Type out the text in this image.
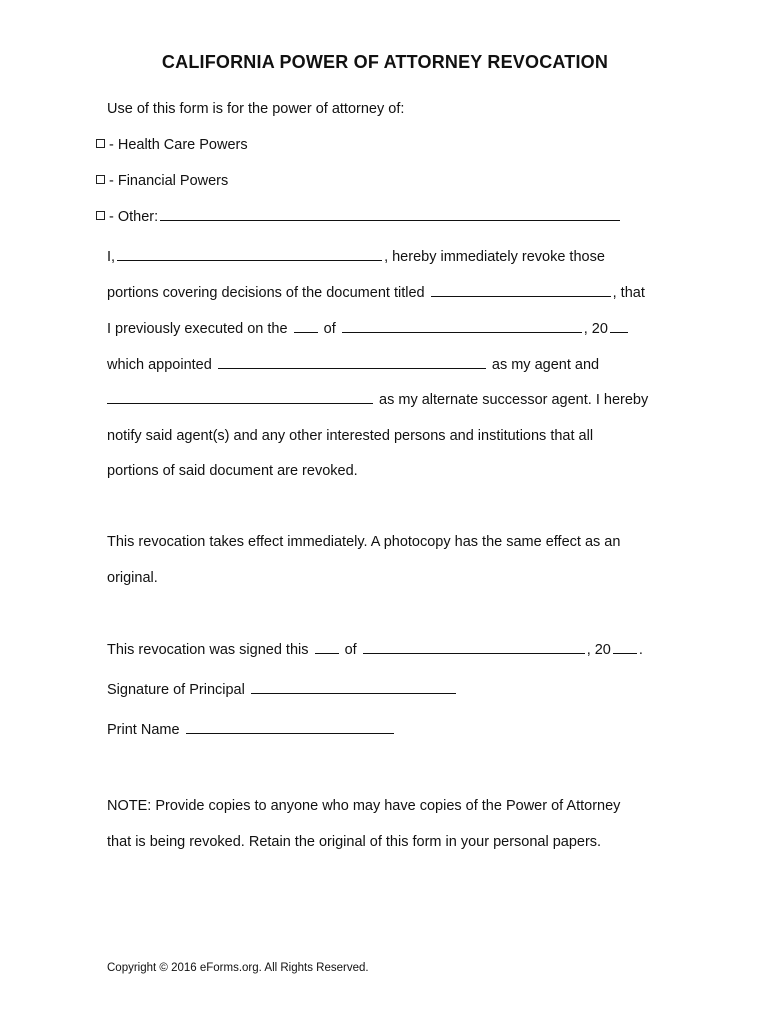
CALIFORNIA POWER OF ATTORNEY REVOCATION
Use of this form is for the power of attorney of:
- Health Care Powers
- Financial Powers
- Other:
I,	, hereby immediately revoke those
portions covering decisions of the document titled	, that
I previously executed on the of	, 20
which appointed	as my agent and
as my alternate successor agent. I hereby
notify said agent(s) and any other interested persons and institutions that all
portions of said document are revoked.
This revocation takes effect immediately. A photocopy has the same effect as an
original.
This revocation was signed this of	, 20 .
Signature of Principal
Print Name
NOTE: Provide copies to anyone who may have copies of the Power of Attorney
that is being revoked. Retain the original of this form in your personal papers.
Copyright © 2016 eForms.org. All Rights Reserved.
